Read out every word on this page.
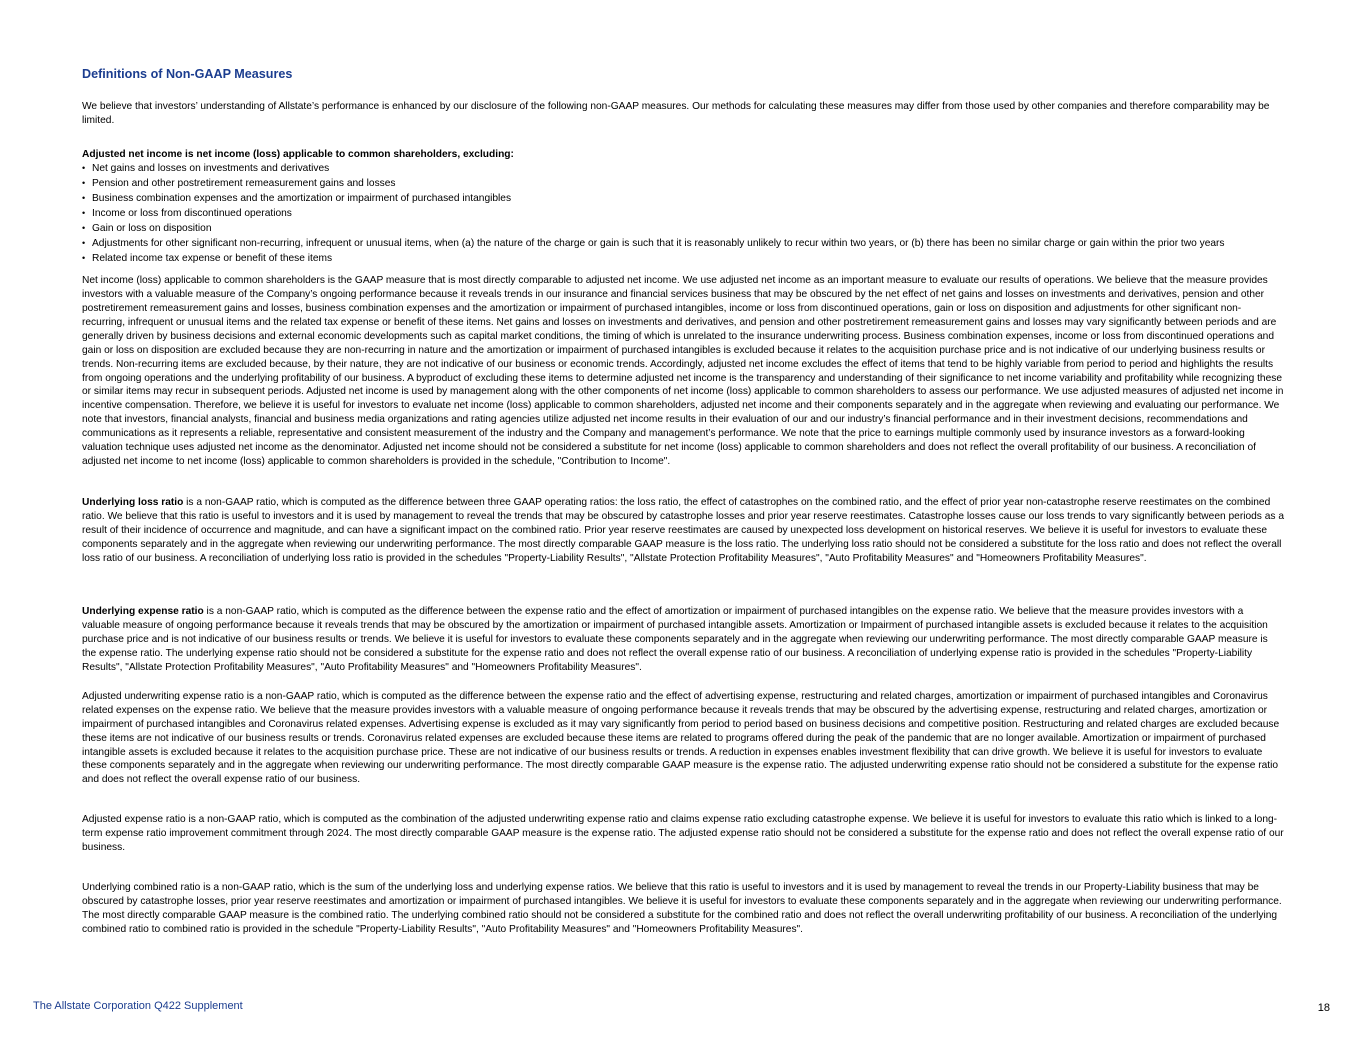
Definitions of Non-GAAP Measures

We believe that investors’ understanding of Allstate’s performance is enhanced by our disclosure of the following non-GAAP measures. Our methods for calculating these measures may differ from those used by other companies and therefore comparability may be limited.

Adjusted net income is net income (loss) applicable to common shareholders, excluding:

• Net gains and losses on investments and derivatives
• Pension and other postretirement remeasurement gains and losses
• Business combination expenses and the amortization or impairment of purchased intangibles
• Income or loss from discontinued operations
• Gain or loss on disposition
• Adjustments for other significant non-recurring, infrequent or unusual items, when (a) the nature of the charge or gain is such that it is reasonably unlikely to recur within two years, or (b) there has been no similar charge or gain within the prior two years
• Related income tax expense or benefit of these items

Net income (loss) applicable to common shareholders is the GAAP measure that is most directly comparable to adjusted net income. We use adjusted net income as an important measure to evaluate our results of operations. We believe that the measure provides investors with a valuable measure of the Company’s ongoing performance because it reveals trends in our insurance and financial services business that may be obscured by the net effect of net gains and losses on investments and derivatives, pension and other postretirement remeasurement gains and losses, business combination expenses and the amortization or impairment of purchased intangibles, income or loss from discontinued operations, gain or loss on disposition and adjustments for other significant non-recurring, infrequent or unusual items and the related tax expense or benefit of these items. Net gains and losses on investments and derivatives, and pension and other postretirement remeasurement gains and losses may vary significantly between periods and are generally driven by business decisions and external economic developments such as capital market conditions, the timing of which is unrelated to the insurance underwriting process. Business combination expenses, income or loss from discontinued operations and gain or loss on disposition are excluded because they are non-recurring in nature and the amortization or impairment of purchased intangibles is excluded because it relates to the acquisition purchase price and is not indicative of our underlying business results or trends. Non-recurring items are excluded because, by their nature, they are not indicative of our business or economic trends. Accordingly, adjusted net income excludes the effect of items that tend to be highly variable from period to period and highlights the results from ongoing operations and the underlying profitability of our business. A byproduct of excluding these items to determine adjusted net income is the transparency and understanding of their significance to net income variability and profitability while recognizing these or similar items may recur in subsequent periods. Adjusted net income is used by management along with the other components of net income (loss) applicable to common shareholders to assess our performance. We use adjusted measures of adjusted net income in incentive compensation. Therefore, we believe it is useful for investors to evaluate net income (loss) applicable to common shareholders, adjusted net income and their components separately and in the aggregate when reviewing and evaluating our performance. We note that investors, financial analysts, financial and business media organizations and rating agencies utilize adjusted net income results in their evaluation of our and our industry’s financial performance and in their investment decisions, recommendations and communications as it represents a reliable, representative and consistent measurement of the industry and the Company and management’s performance. We note that the price to earnings multiple commonly used by insurance investors as a forward-looking valuation technique uses adjusted net income as the denominator. Adjusted net income should not be considered a substitute for net income (loss) applicable to common shareholders and does not reflect the overall profitability of our business. A reconciliation of adjusted net income to net income (loss) applicable to common shareholders is provided in the schedule, "Contribution to Income".

Underlying loss ratio is a non-GAAP ratio, which is computed as the difference between three GAAP operating ratios: the loss ratio, the effect of catastrophes on the combined ratio, and the effect of prior year non-catastrophe reserve reestimates on the combined ratio. We believe that this ratio is useful to investors and it is used by management to reveal the trends that may be obscured by catastrophe losses and prior year reserve reestimates. Catastrophe losses cause our loss trends to vary significantly between periods as a result of their incidence of occurrence and magnitude, and can have a significant impact on the combined ratio. Prior year reserve reestimates are caused by unexpected loss development on historical reserves. We believe it is useful for investors to evaluate these components separately and in the aggregate when reviewing our underwriting performance. The most directly comparable GAAP measure is the loss ratio. The underlying loss ratio should not be considered a substitute for the loss ratio and does not reflect the overall loss ratio of our business. A reconciliation of underlying loss ratio is provided in the schedules "Property-Liability Results", "Allstate Protection Profitability Measures", "Auto Profitability Measures" and "Homeowners Profitability Measures".

Underlying expense ratio is a non-GAAP ratio, which is computed as the difference between the expense ratio and the effect of amortization or impairment of purchased intangibles on the expense ratio. We believe that the measure provides investors with a valuable measure of ongoing performance because it reveals trends that may be obscured by the amortization or impairment of purchased intangible assets. Amortization or Impairment of purchased intangible assets is excluded because it relates to the acquisition purchase price and is not indicative of our business results or trends. We believe it is useful for investors to evaluate these components separately and in the aggregate when reviewing our underwriting performance. The most directly comparable GAAP measure is the expense ratio. The underlying expense ratio should not be considered a substitute for the expense ratio and does not reflect the overall expense ratio of our business. A reconciliation of underlying expense ratio is provided in the schedules "Property-Liability Results", "Allstate Protection Profitability Measures", "Auto Profitability Measures" and "Homeowners Profitability Measures".

Adjusted underwriting expense ratio is a non-GAAP ratio, which is computed as the difference between the expense ratio and the effect of advertising expense, restructuring and related charges, amortization or impairment of purchased intangibles and Coronavirus related expenses on the expense ratio. We believe that the measure provides investors with a valuable measure of ongoing performance because it reveals trends that may be obscured by the advertising expense, restructuring and related charges, amortization or impairment of purchased intangibles and Coronavirus related expenses. Advertising expense is excluded as it may vary significantly from period to period based on business decisions and competitive position. Restructuring and related charges are excluded because these items are not indicative of our business results or trends. Coronavirus related expenses are excluded because these items are related to programs offered during the peak of the pandemic that are no longer available. Amortization or impairment of purchased intangible assets is excluded because it relates to the acquisition purchase price. These are not indicative of our business results or trends. A reduction in expenses enables investment flexibility that can drive growth. We believe it is useful for investors to evaluate these components separately and in the aggregate when reviewing our underwriting performance. The most directly comparable GAAP measure is the expense ratio. The adjusted underwriting expense ratio should not be considered a substitute for the expense ratio and does not reflect the overall expense ratio of our business.

Adjusted expense ratio is a non-GAAP ratio, which is computed as the combination of the adjusted underwriting expense ratio and claims expense ratio excluding catastrophe expense. We believe it is useful for investors to evaluate this ratio which is linked to a long-term expense ratio improvement commitment through 2024. The most directly comparable GAAP measure is the expense ratio. The adjusted expense ratio should not be considered a substitute for the expense ratio and does not reflect the overall expense ratio of our business.

Underlying combined ratio is a non-GAAP ratio, which is the sum of the underlying loss and underlying expense ratios. We believe that this ratio is useful to investors and it is used by management to reveal the trends in our Property-Liability business that may be obscured by catastrophe losses, prior year reserve reestimates and amortization or impairment of purchased intangibles. We believe it is useful for investors to evaluate these components separately and in the aggregate when reviewing our underwriting performance. The most directly comparable GAAP measure is the combined ratio. The underlying combined ratio should not be considered a substitute for the combined ratio and does not reflect the overall underwriting profitability of our business. A reconciliation of the underlying combined ratio to combined ratio is provided in the schedule "Property-Liability Results", "Auto Profitability Measures" and "Homeowners Profitability Measures".

The Allstate Corporation Q422 Supplement	18
